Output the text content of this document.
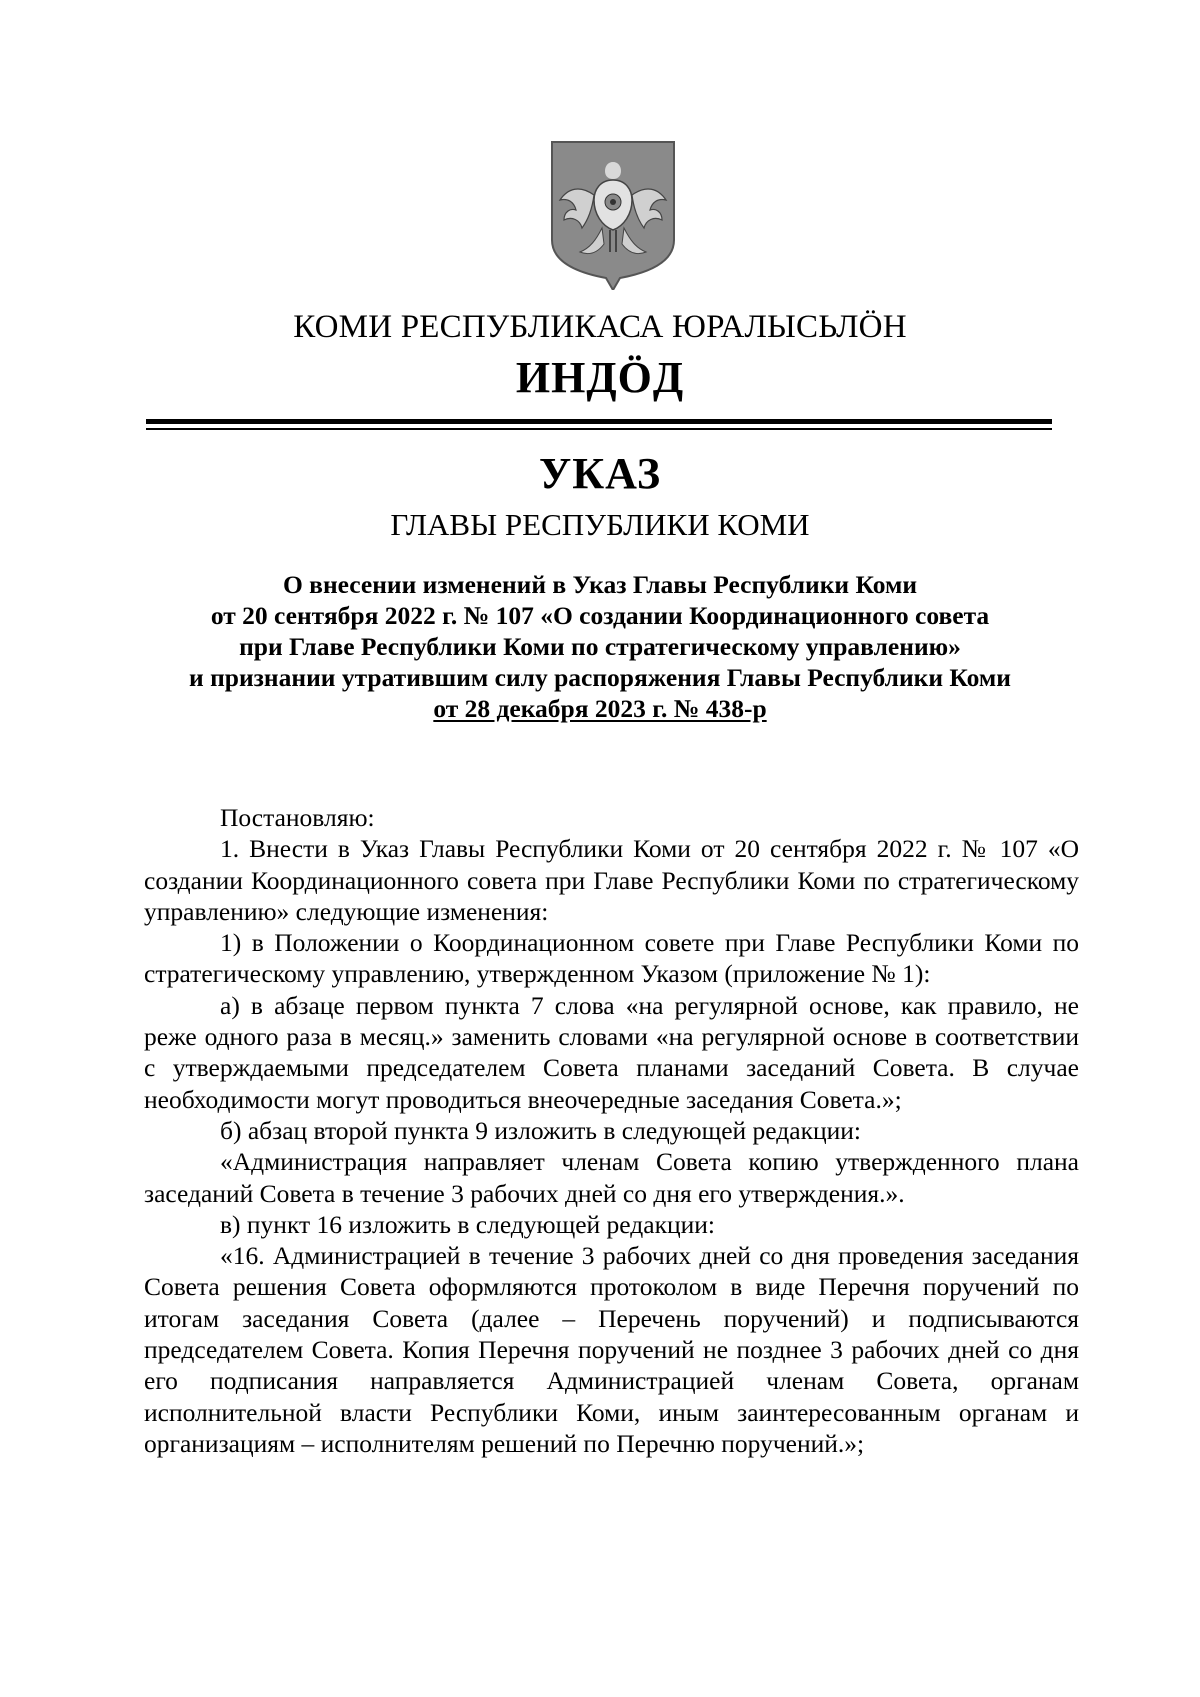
КОМИ РЕСПУБЛИКАСА ЮРАЛЫСЬЛӦН
ИНДӦД
УКАЗ
ГЛАВЫ РЕСПУБЛИКИ КОМИ
О внесении изменений в Указ Главы Республики Коми
от 20 сентября 2022 г. № 107 «О создании Координационного совета
при Главе Республики Коми по стратегическому управлению»
и признании утратившим силу распоряжения Главы Республики Коми
от 28 декабря 2023 г. № 438-р

Постановляю:

1. Внести в Указ Главы Республики Коми от 20 сентября 2022 г. № 107 «О создании Координационного совета при Главе Республики Коми по стратегическому управлению» следующие изменения:

1) в Положении о Координационном совете при Главе Республики Коми по стратегическому управлению, утвержденном Указом (приложение № 1):

а) в абзаце первом пункта 7 слова «на регулярной основе, как правило, не реже одного раза в месяц.» заменить словами «на регулярной основе в соответствии с утверждаемыми председателем Совета планами заседаний Совета. В случае необходимости могут проводиться внеочередные заседания Совета.»;

б) абзац второй пункта 9 изложить в следующей редакции:

«Администрация направляет членам Совета копию утвержденного плана заседаний Совета в течение 3 рабочих дней со дня его утверждения.».

в) пункт 16 изложить в следующей редакции:

«16. Администрацией в течение 3 рабочих дней со дня проведения заседания Совета решения Совета оформляются протоколом в виде Перечня поручений по итогам заседания Совета (далее – Перечень поручений) и подписываются председателем Совета. Копия Перечня поручений не позднее 3 рабочих дней со дня его подписания направляется Администрацией членам Совета, органам исполнительной власти Республики Коми, иным заинтересованным органам и организациям – исполнителям решений по Перечню поручений.»;
